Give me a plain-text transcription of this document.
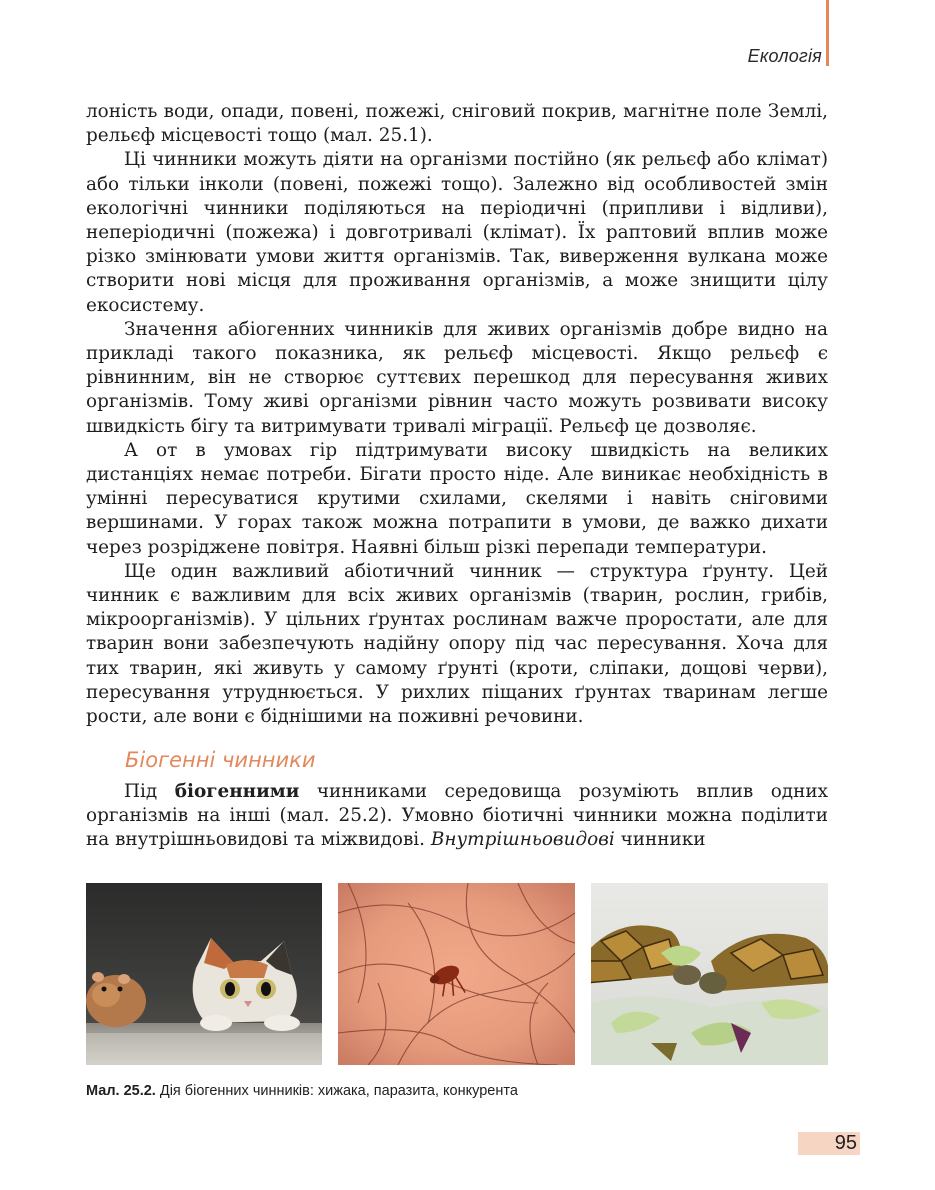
Екологія

лоність води, опади, повені, пожежі, сніговий покрив, магнітне поле Землі, рельєф місцевості тощо (мал. 25.1).

Ці чинники можуть діяти на організми постійно (як рельєф або клімат) або тільки інколи (повені, пожежі тощо). Залежно від особливостей змін екологічні чинники поділяються на періодичні (припливи і відливи), неперіодичні (пожежа) і довготривалі (клімат). Їх раптовий вплив може різко змінювати умови життя організмів. Так, виверження вулкана може створити нові місця для проживання організмів, а може знищити цілу екосистему.

Значення абіогенних чинників для живих організмів добре видно на прикладі такого показника, як рельєф місцевості. Якщо рельєф є рівнинним, він не створює суттєвих перешкод для пересування живих організмів. Тому живі організми рівнин часто можуть розвивати високу швидкість бігу та витримувати тривалі міграції. Рельєф це дозволяє.

А от в умовах гір підтримувати високу швидкість на великих дистанціях немає потреби. Бігати просто ніде. Але виникає необхідність в умінні пересуватися крутими схилами, скелями і навіть сніговими вершинами. У горах також можна потрапити в умови, де важко дихати через розріджене повітря. Наявні більш різкі перепади температури.

Ще один важливий абіотичний чинник — структура ґрунту. Цей чинник є важливим для всіх живих організмів (тварин, рослин, грибів, мікроорганізмів). У цільних ґрунтах рослинам важче проростати, але для тварин вони забезпечують надійну опору під час пересування. Хоча для тих тварин, які живуть у самому ґрунті (кроти, сліпаки, дощові черви), пересування утруднюється. У рихлих піщаних ґрунтах тваринам легше рости, але вони є біднішими на поживні речовини.

Біогенні чинники

Під біогенними чинниками середовища розуміють вплив одних організмів на інші (мал. 25.2). Умовно біотичні чинники можна поділити на внутрішньовидові та міжвидові. Внутрішньовидові чинники

Мал. 25.2. Дія біогенних чинників: хижака, паразита, конкурента
95
